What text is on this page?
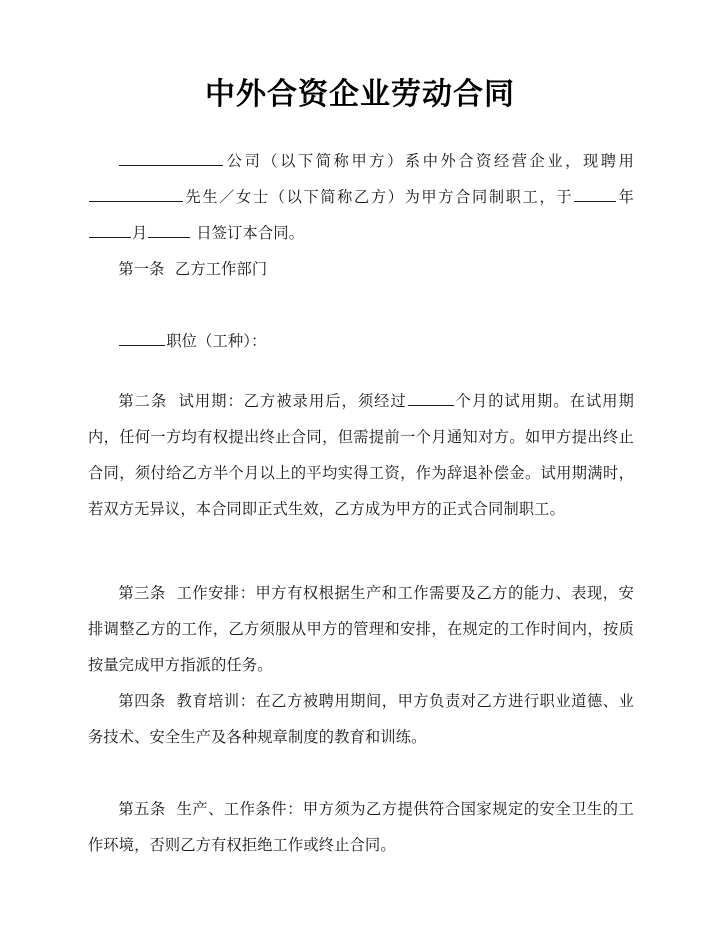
中外合资企业劳动合同

公司（以下简称甲方）系中外合资经营企业，现聘用先生／女士（以下简称乙方）为甲方合同制职工，于	年月	日签订本合同。

第一条 乙方工作部门

职位（工种）：

第二条 试用期：乙方被录用后，须经过	个月的试用期。在试用期内，任何一方均有权提出终止合同，但需提前一个月通知对方。如甲方提出终止合同，须付给乙方半个月以上的平均实得工资，作为辞退补偿金。试用期满时，若双方无异议，本合同即正式生效，乙方成为甲方的正式合同制职工。

第三条 工作安排：甲方有权根据生产和工作需要及乙方的能力、表现，安排调整乙方的工作，乙方须服从甲方的管理和安排，在规定的工作时间内，按质按量完成甲方指派的任务。

第四条 教育培训：在乙方被聘用期间，甲方负责对乙方进行职业道德、业务技术、安全生产及各种规章制度的教育和训练。

第五条 生产、工作条件：甲方须为乙方提供符合国家规定的安全卫生的工作环境，否则乙方有权拒绝工作或终止合同。
